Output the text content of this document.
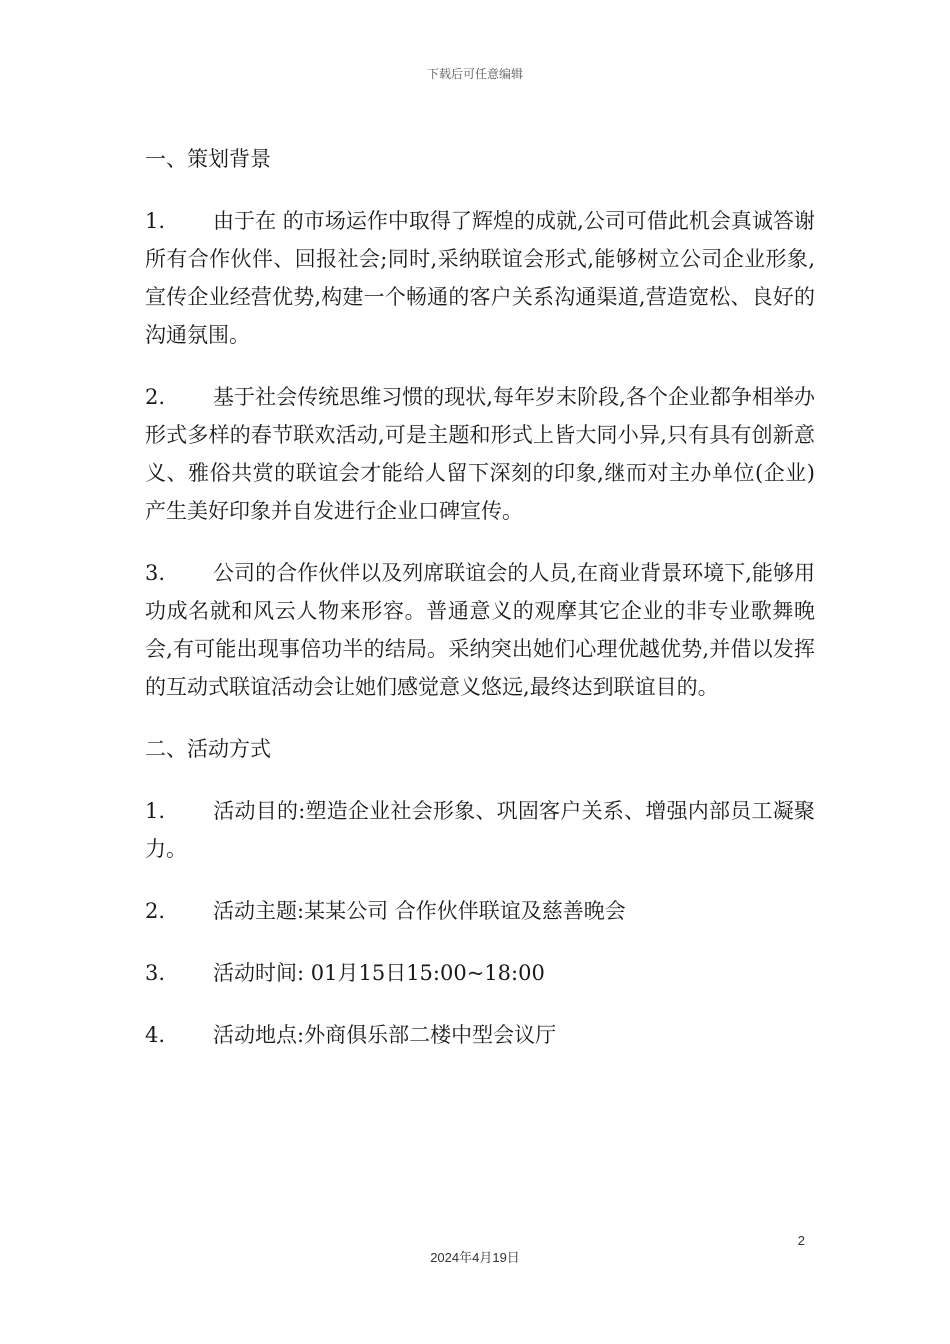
下载后可任意编辑
一、策划背景
1. 由于在 的市场运作中取得了辉煌的成就,公司可借此机会真诚答谢所有合作伙伴、回报社会;同时,采纳联谊会形式,能够树立公司企业形象,宣传企业经营优势,构建一个畅通的客户关系沟通渠道,营造宽松、良好的沟通氛围。
2. 基于社会传统思维习惯的现状,每年岁末阶段,各个企业都争相举办形式多样的春节联欢活动,可是主题和形式上皆大同小异,只有具有创新意义、雅俗共赏的联谊会才能给人留下深刻的印象,继而对主办单位(企业)产生美好印象并自发进行企业口碑宣传。
3. 公司的合作伙伴以及列席联谊会的人员,在商业背景环境下,能够用功成名就和风云人物来形容。普通意义的观摩其它企业的非专业歌舞晚会,有可能出现事倍功半的结局。采纳突出她们心理优越优势,并借以发挥的互动式联谊活动会让她们感觉意义悠远,最终达到联谊目的。
二、活动方式
1. 活动目的:塑造企业社会形象、巩固客户关系、增强内部员工凝聚力。
2. 活动主题:某某公司 合作伙伴联谊及慈善晚会
3. 活动时间: 01月15日15:00~18:00
4. 活动地点:外商俱乐部二楼中型会议厅
2
2024年4月19日
